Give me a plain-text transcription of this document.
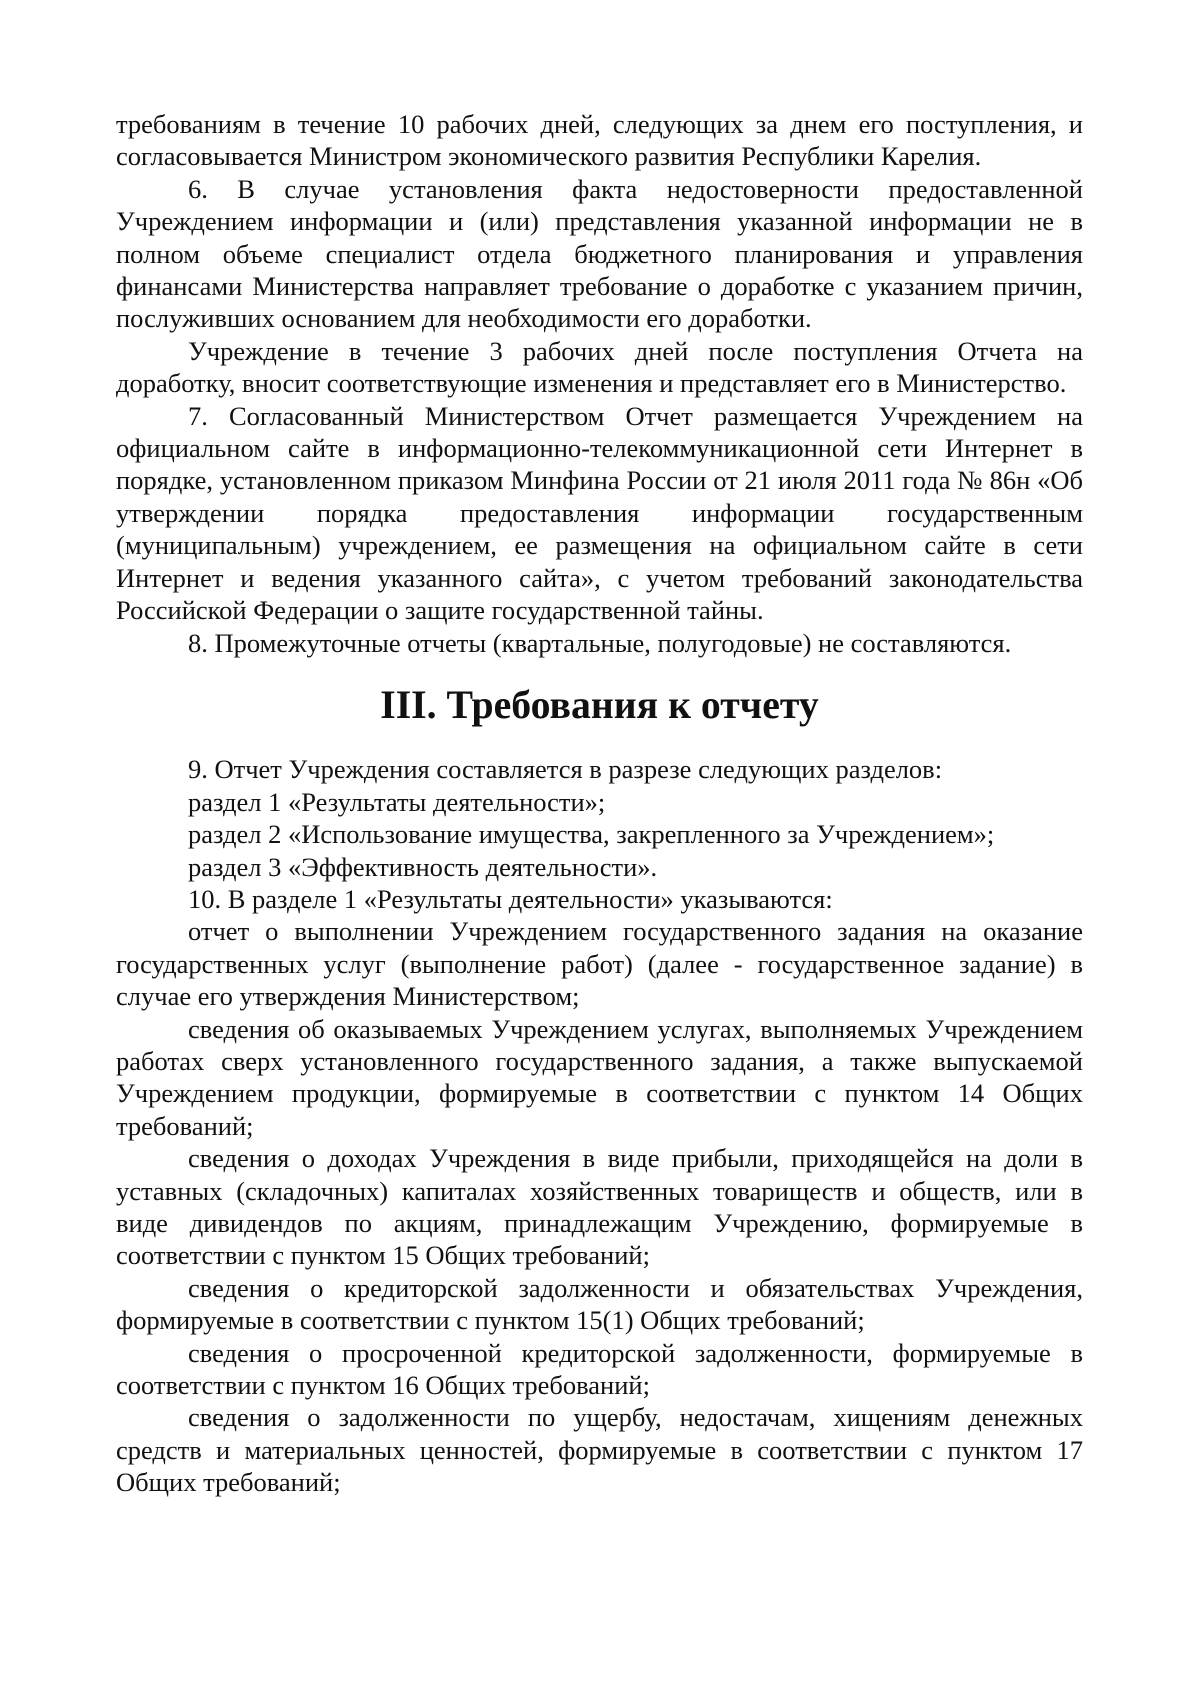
требованиям в течение 10 рабочих дней, следующих за днем его поступления, и согласовывается Министром экономического развития Республики Карелия.

6. В случае установления факта недостоверности предоставленной Учреждением информации и (или) представления указанной информации не в полном объеме специалист отдела бюджетного планирования и управления финансами Министерства направляет требование о доработке с указанием причин, послуживших основанием для необходимости его доработки.

Учреждение в течение 3 рабочих дней после поступления Отчета на доработку, вносит соответствующие изменения и представляет его в Министерство.

7. Согласованный Министерством Отчет размещается Учреждением на официальном сайте в информационно-телекоммуникационной сети Интернет в порядке, установленном приказом Минфина России от 21 июля 2011 года № 86н «Об утверждении порядка предоставления информации государственным (муниципальным) учреждением, ее размещения на официальном сайте в сети Интернет и ведения указанного сайта», с учетом требований законодательства Российской Федерации о защите государственной тайны.

8. Промежуточные отчеты (квартальные, полугодовые) не составляются.

III. Требования к отчету

9. Отчет Учреждения составляется в разрезе следующих разделов:

раздел 1 «Результаты деятельности»;

раздел 2 «Использование имущества, закрепленного за Учреждением»;

раздел 3 «Эффективность деятельности».

10. В разделе 1 «Результаты деятельности» указываются:

отчет о выполнении Учреждением государственного задания на оказание государственных услуг (выполнение работ) (далее - государственное задание) в случае его утверждения Министерством;

сведения об оказываемых Учреждением услугах, выполняемых Учреждением работах сверх установленного государственного задания, а также выпускаемой Учреждением продукции, формируемые в соответствии с пунктом 14 Общих требований;

сведения о доходах Учреждения в виде прибыли, приходящейся на доли в уставных (складочных) капиталах хозяйственных товариществ и обществ, или в виде дивидендов по акциям, принадлежащим Учреждению, формируемые в соответствии с пунктом 15 Общих требований;

сведения о кредиторской задолженности и обязательствах Учреждения, формируемые в соответствии с пунктом 15(1) Общих требований;

сведения о просроченной кредиторской задолженности, формируемые в соответствии с пунктом 16 Общих требований;

сведения о задолженности по ущербу, недостачам, хищениям денежных средств и материальных ценностей, формируемые в соответствии с пунктом 17 Общих требований;
